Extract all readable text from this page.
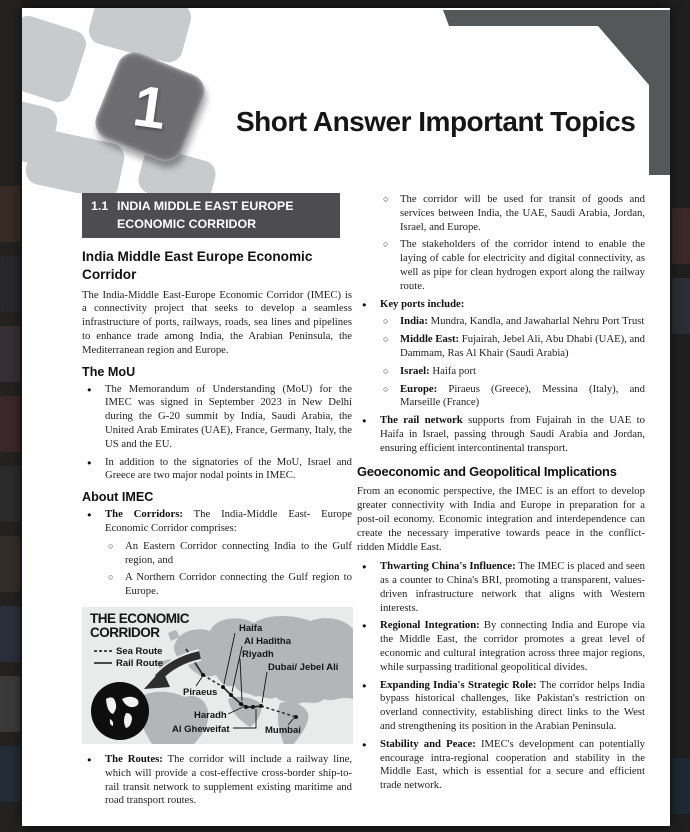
1 Short Answer Important Topics
1.1 INDIA MIDDLE EAST EUROPE
ECONOMIC CORRIDOR
India Middle East Europe Economic Corridor

The India-Middle East-Europe Economic Corridor (IMEC) is a connectivity project that seeks to develop a seamless infrastructure of ports, railways, roads, sea lines and pipelines to enhance trade among India, the Arabian Peninsula, the Mediterranean region and Europe.

The MoU
● The Memorandum of Understanding (MoU) for the IMEC was signed in September 2023 in New Delhi during the G-20 summit by India, Saudi Arabia, the United Arab Emirates (UAE), France, Germany, Italy, the US and the EU.
● In addition to the signatories of the MoU, Israel and Greece are two major nodal points in IMEC.
About IMEC
● The Corridors: The India-Middle East- Europe Economic Corridor comprises:
○ An Eastern Corridor connecting India to the Gulf region, and
○ A Northern Corridor connecting the Gulf region to Europe.
THE ECONOMIC
CORRIDOR
Sea Route
Rail Route
Haifa
Al Haditha
Riyadh
Dubai/ Jebel Ali
Piraeus
Haradh
Al Gheweifat	Mumbai
● The Routes: The corridor will include a railway line, which will provide a cost-effective cross-border ship-to-rail transit network to supplement existing maritime and road transport routes.
○ The corridor will be used for transit of goods and services between India, the UAE, Saudi Arabia, Jordan, Israel, and Europe.
○ The stakeholders of the corridor intend to enable the laying of cable for electricity and digital connectivity, as well as pipe for clean hydrogen export along the railway route.
● Key ports include:
○ India: Mundra, Kandla, and Jawaharlal Nehru Port Trust
○ Middle East: Fujairah, Jebel Ali, Abu Dhabi (UAE), and Dammam, Ras Al Khair (Saudi Arabia)
○ Israel: Haifa port
○ Europe: Piraeus (Greece), Messina (Italy), and Marseille (France)
● The rail network supports from Fujairah in the UAE to Haifa in Israel, passing through Saudi Arabia and Jordan, ensuring efficient intercontinental transport.
Geoeconomic and Geopolitical Implications

From an economic perspective, the IMEC is an effort to develop greater connectivity with India and Europe in preparation for a post-oil economy. Economic integration and interdependence can create the necessary imperative towards peace in the conflict-ridden Middle East.

● Thwarting China's Influence: The IMEC is placed and seen as a counter to China's BRI, promoting a transparent, values-driven infrastructure network that aligns with Western interests.
● Regional Integration: By connecting India and Europe via the Middle East, the corridor promotes a great level of economic and cultural integration across three major regions, while surpassing traditional geopolitical divides.
● Expanding India's Strategic Role: The corridor helps India bypass historical challenges, like Pakistan's restriction on overland connectivity, establishing direct links to the West and strengthening its position in the Arabian Peninsula.
● Stability and Peace: IMEC's development can potentially encourage intra-regional cooperation and stability in the Middle East, which is essential for a secure and efficient trade network.
